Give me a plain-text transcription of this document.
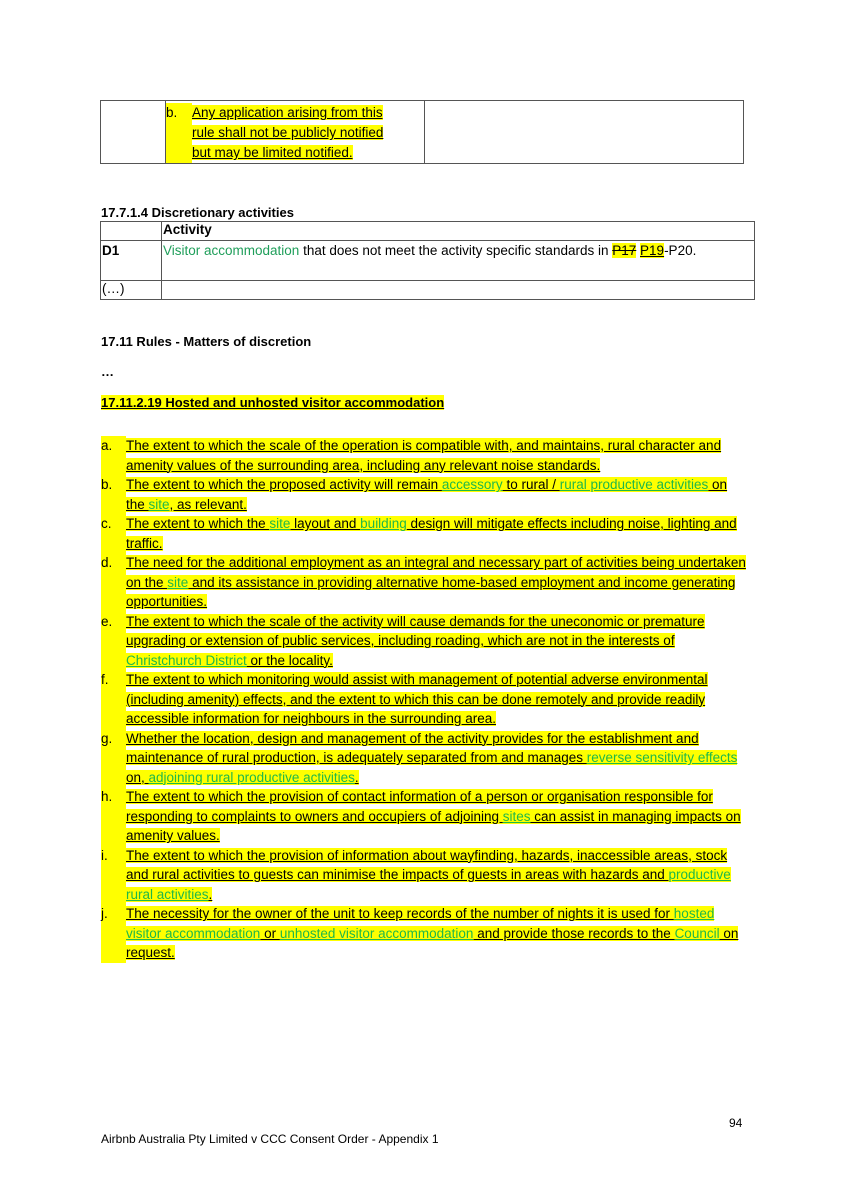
b.	Any application arising from this rule shall not be publicly notified but may be limited notified.

17.7.1.4 Discretionary activities
	Activity
D1	Visitor accommodation that does not meet the activity specific standards in P17 P19-P20.
(…)	
17.11 Rules - Matters of discretion
…
17.11.2.19 Hosted and unhosted visitor accommodation
a.	The extent to which the scale of the operation is compatible with, and maintains, rural character and amenity values of the surrounding area, including any relevant noise standards.
b.	The extent to which the proposed activity will remain accessory to rural / rural productive activities on the site, as relevant.
c.	The extent to which the site layout and building design will mitigate effects including noise, lighting and traffic.
d.	The need for the additional employment as an integral and necessary part of activities being undertaken on the site and its assistance in providing alternative home-based employment and income generating opportunities.
e.	The extent to which the scale of the activity will cause demands for the uneconomic or premature upgrading or extension of public services, including roading, which are not in the interests of Christchurch District or the locality.
f.	The extent to which monitoring would assist with management of potential adverse environmental (including amenity) effects, and the extent to which this can be done remotely and provide readily accessible information for neighbours in the surrounding area.
g.	Whether the location, design and management of the activity provides for the establishment and maintenance of rural production, is adequately separated from and manages reverse sensitivity effects on, adjoining rural productive activities.
h.	The extent to which the provision of contact information of a person or organisation responsible for responding to complaints to owners and occupiers of adjoining sites can assist in managing impacts on amenity values.
i.	The extent to which the provision of information about wayfinding, hazards, inaccessible areas, stock and rural activities to guests can minimise the impacts of guests in areas with hazards and productive rural activities.
j.	The necessity for the owner of the unit to keep records of the number of nights it is used for hosted visitor accommodation or unhosted visitor accommodation and provide those records to the Council on request.
94
Airbnb Australia Pty Limited v CCC Consent Order - Appendix 1
